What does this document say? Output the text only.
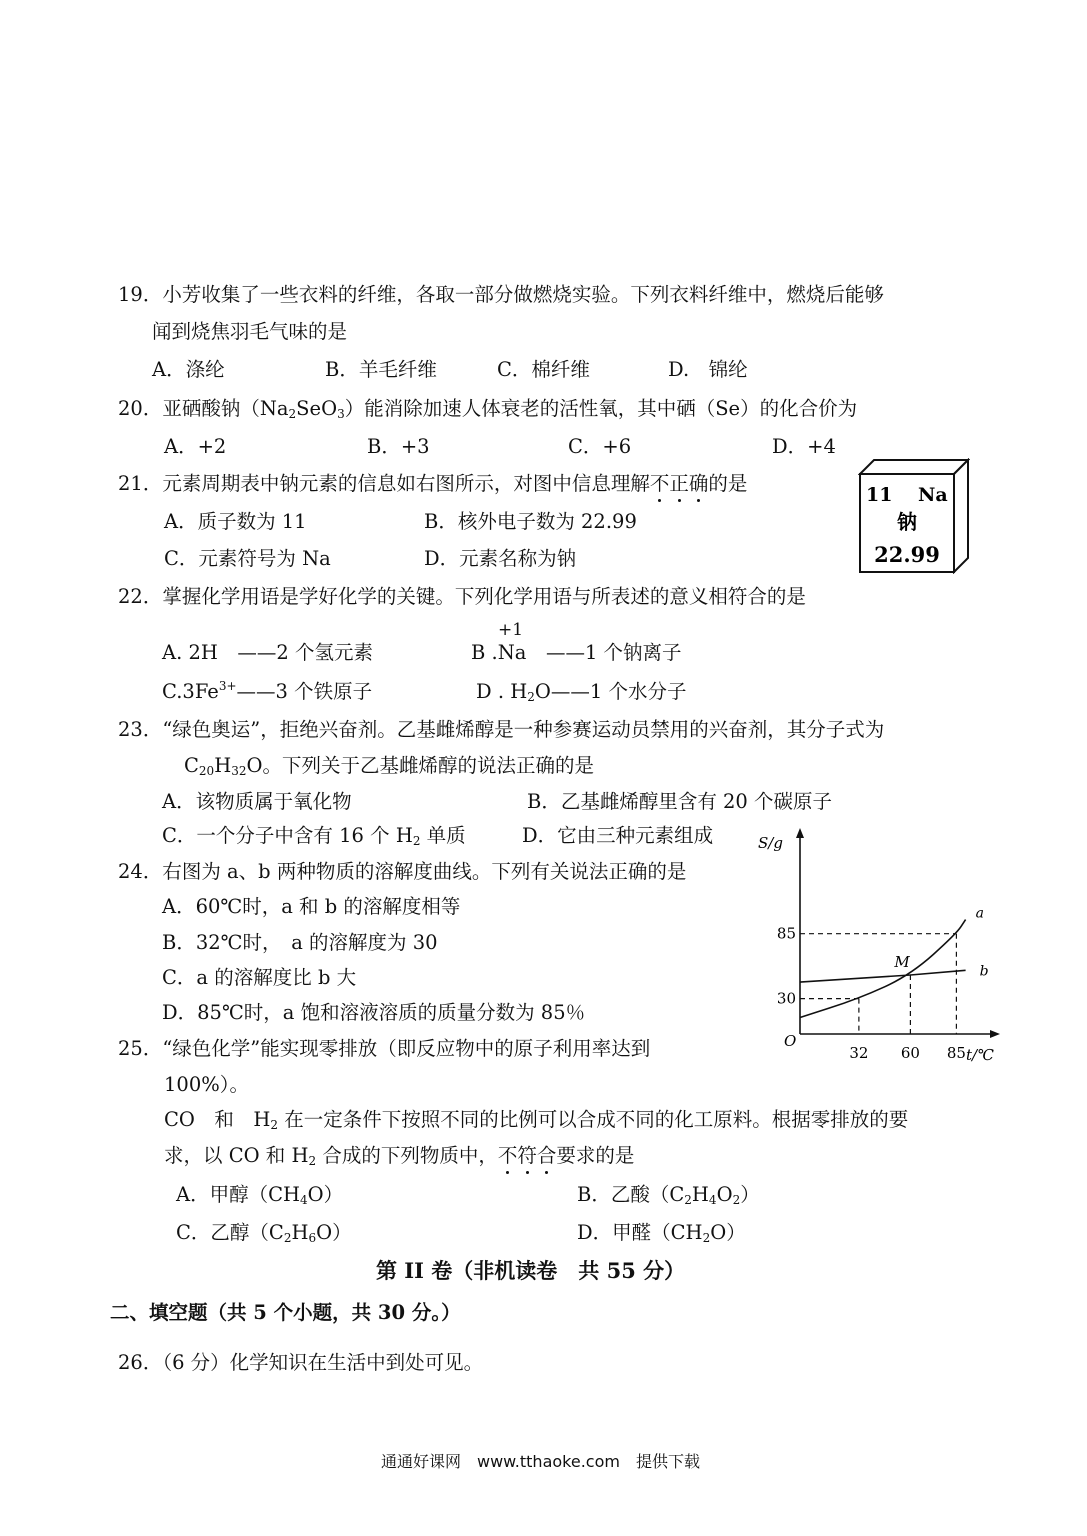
19．小芳收集了一些衣料的纤维，各取一部分做燃烧实验。下列衣料纤维中，燃烧后能够
闻到烧焦羽毛气味的是
A．涤纶	B．羊毛纤维	C．棉纤维	D.　锦纶
20．亚硒酸钠$(Na_2SeO_3)$能消除加速人体衰老的活性氧，其中硒（Se）的化合价为
A．+2	B．+3	C．+6	D．+4
21．元素周期表中钠元素的信息如右图所示，对图中信息理解不正确的是
A．质子数为 11	B．核外电子数为 22.99
C．元素符号为 Na	D．元素名称为钠
11 Na
钠
22.99
22．掌握化学用语是学好化学的关键。下列化学用语与所表述的意义相符合的是
A. 2H　——2 个氢元素
+1
B .Na　 ——1 个钠离子
$C.3Fe^{3+}——3$ 个铁原子	D . $H_2O——1$ 个水分子
23．“绿色奥运”，拒绝兴奋剂。乙基雌烯醇是一种参赛运动员禁用的兴奋剂，其分子式为
$C_{20}H_{32}O$。下列关于乙基雌烯醇的说法正确的是
A．该物质属于氧化物	B．乙基雌烯醇里含有 20 个碳原子
C．一个分子中含有 16 个 $H_2$ 单质	D．它由三种元素组成
24．右图为 a、b 两种物质的溶解度曲线。下列有关说法正确的是
A．60℃时，a 和 b 的溶解度相等
B．32℃时，　a 的溶解度为 30
C．a 的溶解度比 b 大
D．85℃时，a 饱和溶液溶质的质量分数为 85％
S/g
t/℃
O
a
b
32 60 85
30
85
M
25．“绿色化学”能实现零排放（即反应物中的原子利用率达到
100%）。
CO　和　$H_2$ 在一定条件下按照不同的比例可以合成不同的化工原料。根据零排放的要
求，以 CO 和 $H_2$ 合成的下列物质中，不符合要求的是
A．甲醇$(CH_4O)$	B．乙酸$(C_2H_4O_2)$
C．乙醇$(C_2H_6O)$	D．甲醛$(CH_2O)$
第 II 卷（非机读卷　共 55 分）
二、填空题（共 5 个小题，共 30 分。）
26．（6 分）化学知识在生活中到处可见。
通通好课网　www.tthaoke.com　提供下载
